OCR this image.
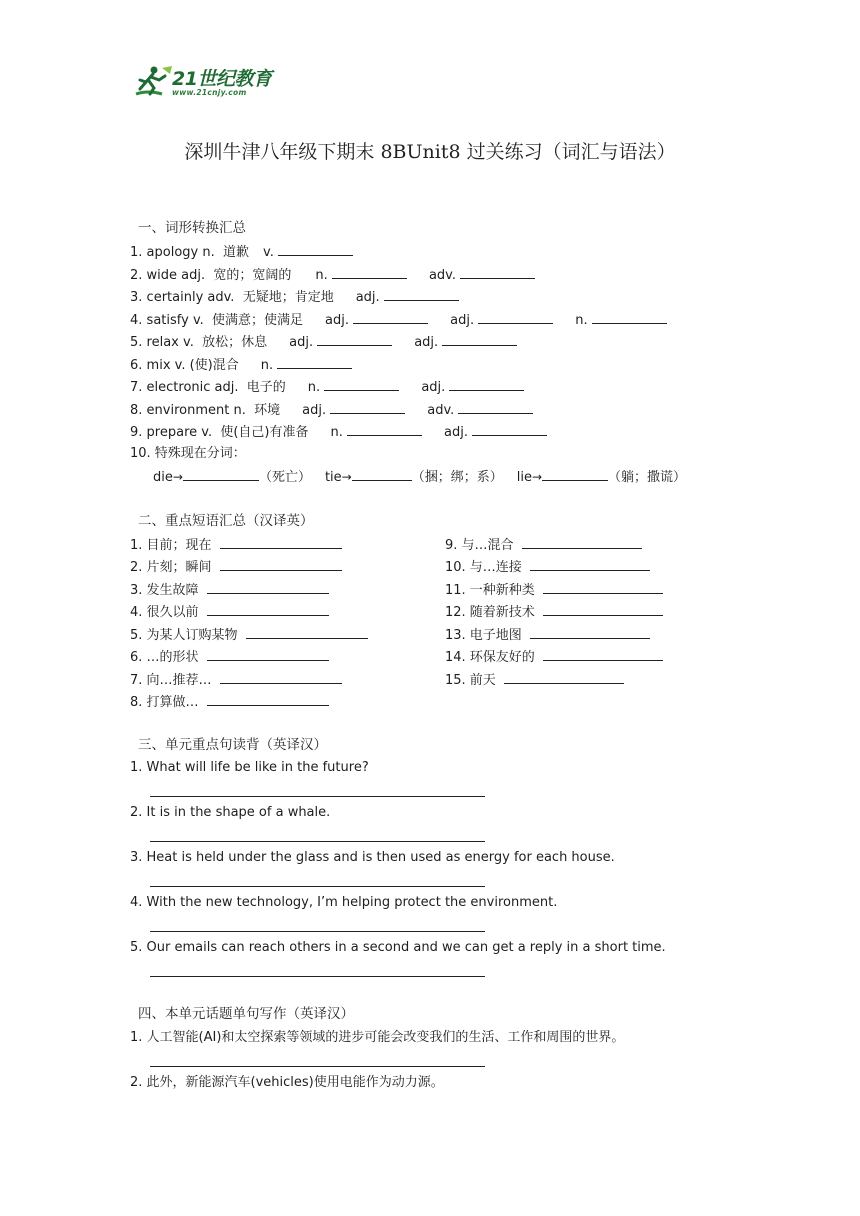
21世纪教育
www.21cnjy.com
深圳牛津八年级下期末 8BUnit8 过关练习（词汇与语法）
一、词形转换汇总
1. apology n. 道歉 v.
2. wide adj. 宽的；宽阔的 n.	adv.
3. certainly adv. 无疑地；肯定地 adj.
4. satisfy v. 使满意；使满足 adj.	adj.	n.
5. relax v. 放松；休息 adj.	adj.
6. mix v. (使)混合 n.
7. electronic adj. 电子的 n.	adj.
8. environment n. 环境 adj.	adv.
9. prepare v. 使(自己)有准备 n.	adj.
10. 特殊现在分词：
die→	（死亡） tie→	（捆；绑；系） lie→	（躺；撒谎）
二、重点短语汇总（汉译英）
1. 目前；现在
2. 片刻；瞬间
3. 发生故障
4. 很久以前
5. 为某人订购某物
6. …的形状
7. 向…推荐…
8. 打算做…
9. 与…混合
10. 与…连接
11. 一种新种类
12. 随着新技术
13. 电子地图
14. 环保友好的
15. 前天
三、单元重点句读背（英译汉）
1. What will life be like in the future?
2. It is in the shape of a whale.
3. Heat is held under the glass and is then used as energy for each house.
4. With the new technology, I’m helping protect the environment.
5. Our emails can reach others in a second and we can get a reply in a short time.
四、本单元话题单句写作（英译汉）
1. 人工智能(AI)和太空探索等领域的进步可能会改变我们的生活、工作和周围的世界。
2. 此外，新能源汽车(vehicles)使用电能作为动力源。
